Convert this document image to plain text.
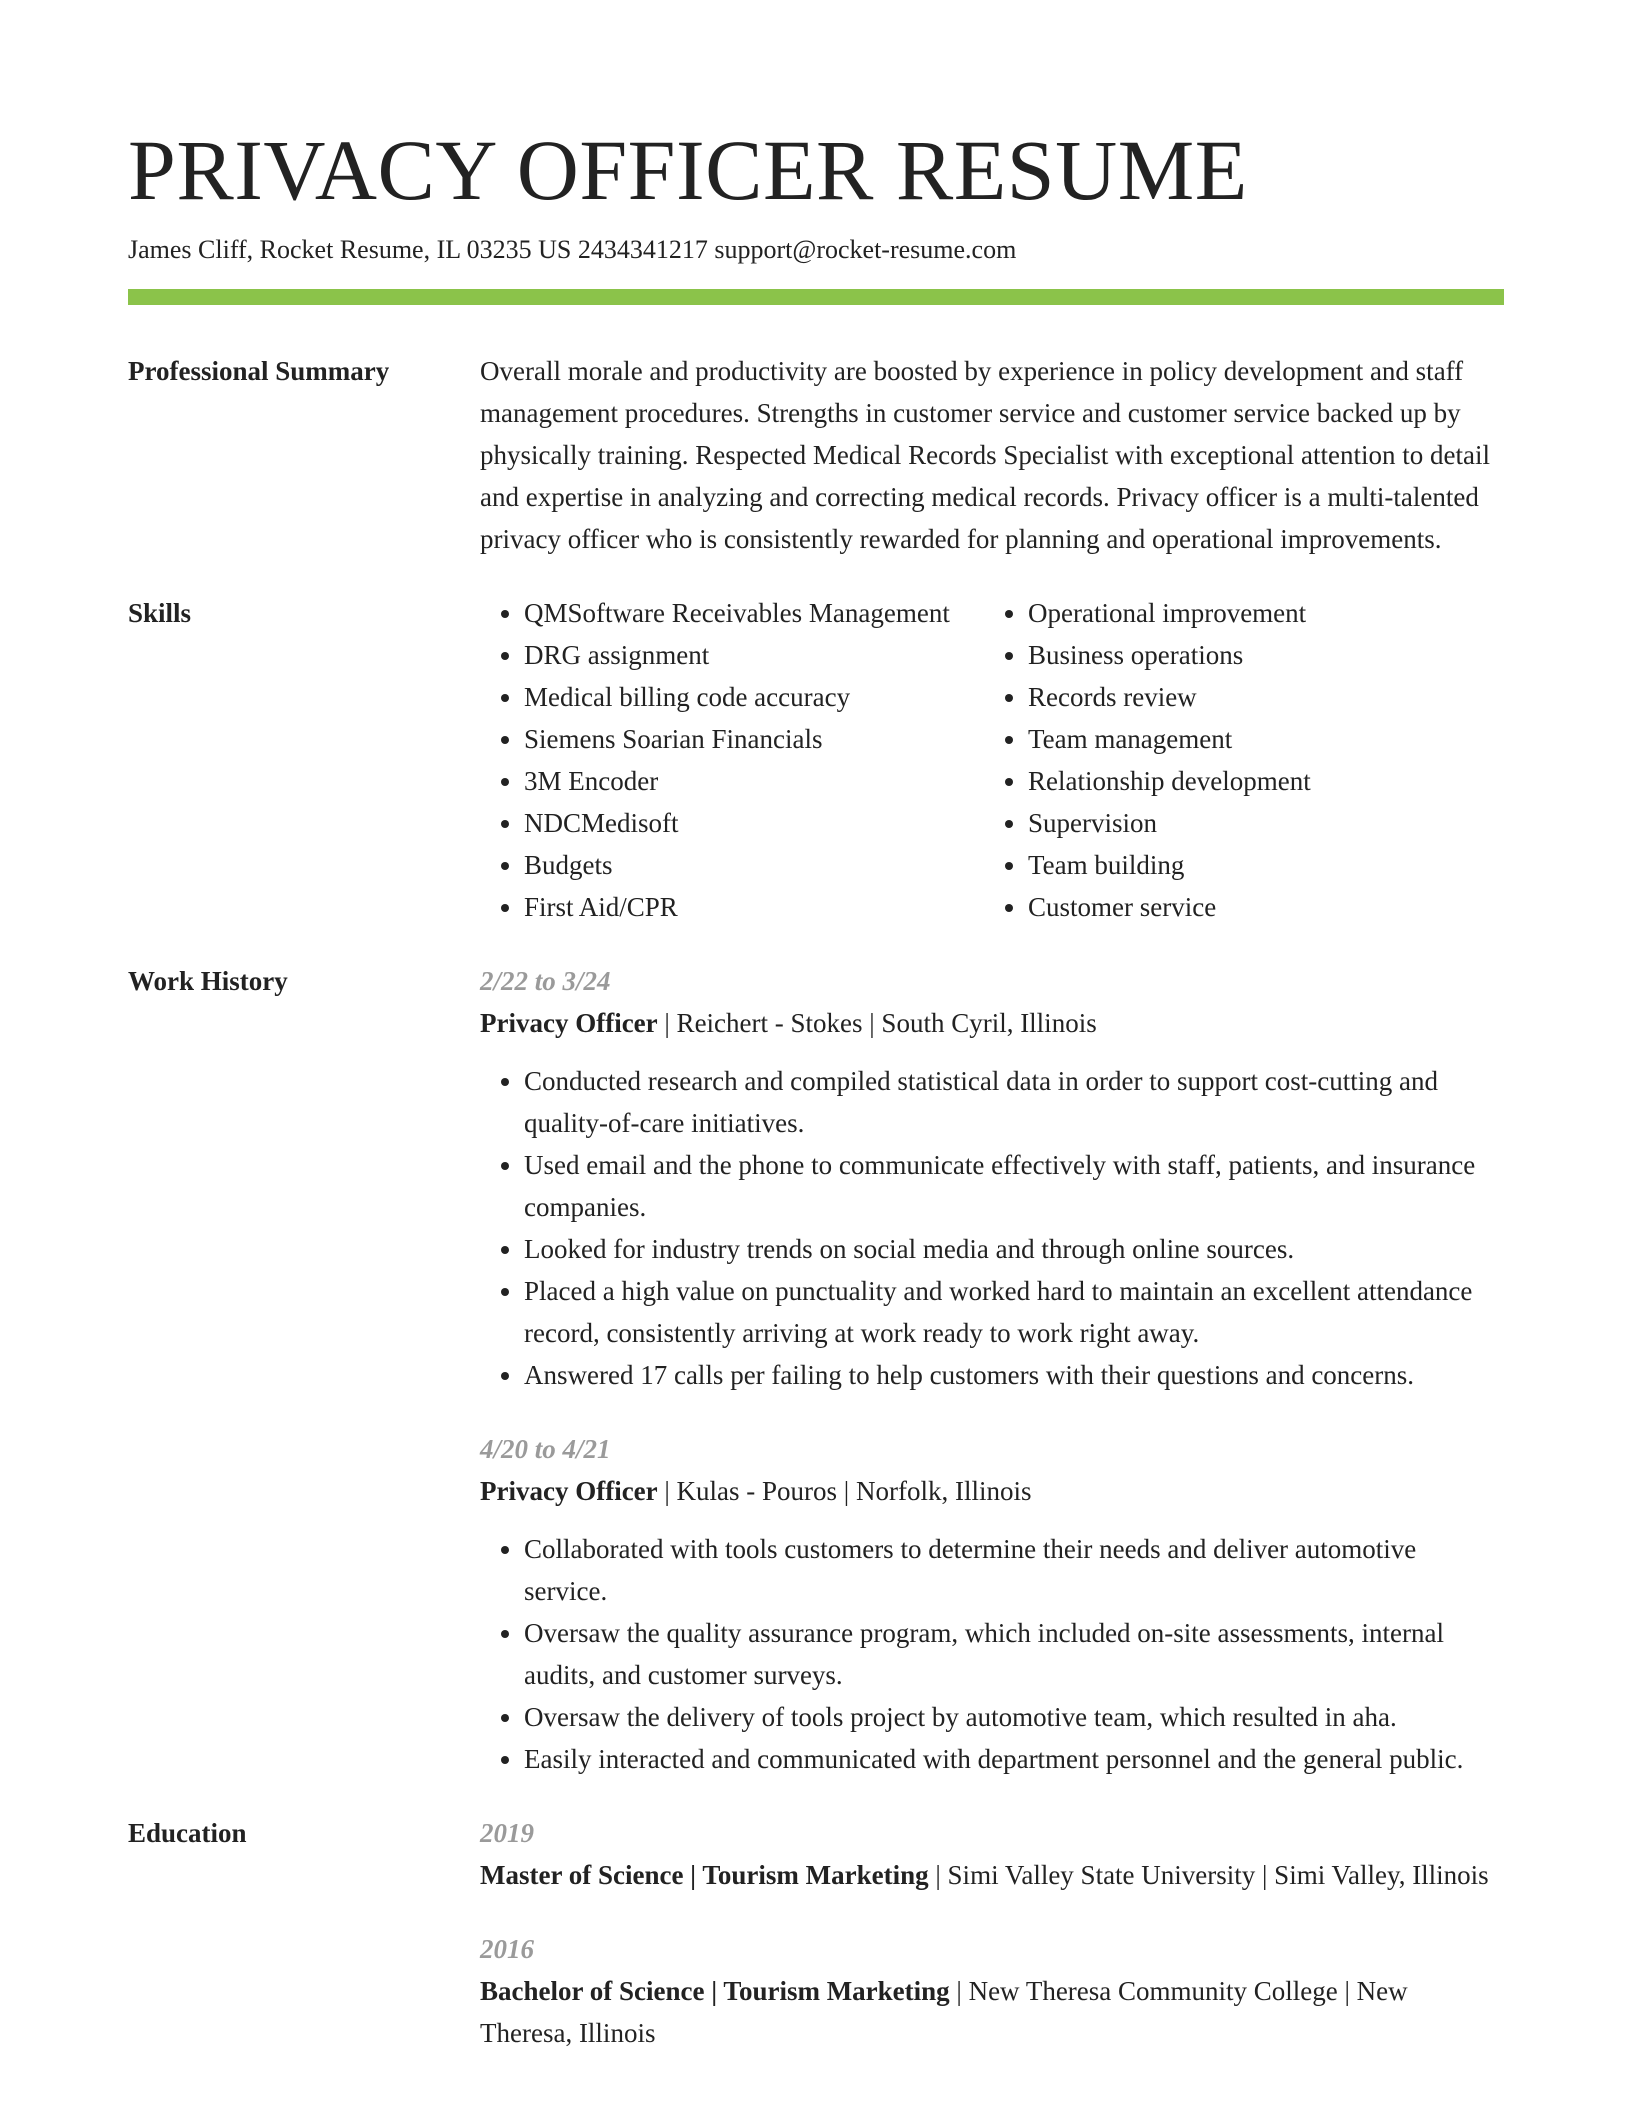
PRIVACY OFFICER RESUME
James Cliff, Rocket Resume, IL 03235 US 2434341217 support@rocket-resume.com
Professional Summary	Overall morale and productivity are boosted by experience in policy development and staff management procedures. Strengths in customer service and customer service backed up by physically training. Respected Medical Records Specialist with exceptional attention to detail and expertise in analyzing and correcting medical records. Privacy officer is a multi-talented privacy officer who is consistently rewarded for planning and operational improvements.

Skills
•	QMSoftware Receivables Management
• DRG assignment
• Medical billing code accuracy
• Siemens Soarian Financials
• 3M Encoder
• NDCMedisoft
• Budgets
• First Aid/CPR
• Operational improvement
• Business operations
• Records review
• Team management
• Relationship development
• Supervision
• Team building
• Customer service
Work History	2/22 to 3/24
Privacy Officer | Reichert - Stokes | South Cyril, Illinois
• Conducted research and compiled statistical data in order to support cost-cutting and quality-of-care initiatives.
• Used email and the phone to communicate effectively with staff, patients, and insurance companies.
• Looked for industry trends on social media and through online sources.
• Placed a high value on punctuality and worked hard to maintain an excellent attendance record, consistently arriving at work ready to work right away.
• Answered 17 calls per failing to help customers with their questions and concerns.
4/20 to 4/21
Privacy Officer | Kulas - Pouros | Norfolk, Illinois
• Collaborated with tools customers to determine their needs and deliver automotive service.
• Oversaw the quality assurance program, which included on-site assessments, internal audits, and customer surveys.
• Oversaw the delivery of tools project by automotive team, which resulted in aha.
• Easily interacted and communicated with department personnel and the general public.
Education	2019
Master of Science | Tourism Marketing | Simi Valley State University | Simi Valley, Illinois
2016
Bachelor of Science | Tourism Marketing | New Theresa Community College | New Theresa, Illinois
